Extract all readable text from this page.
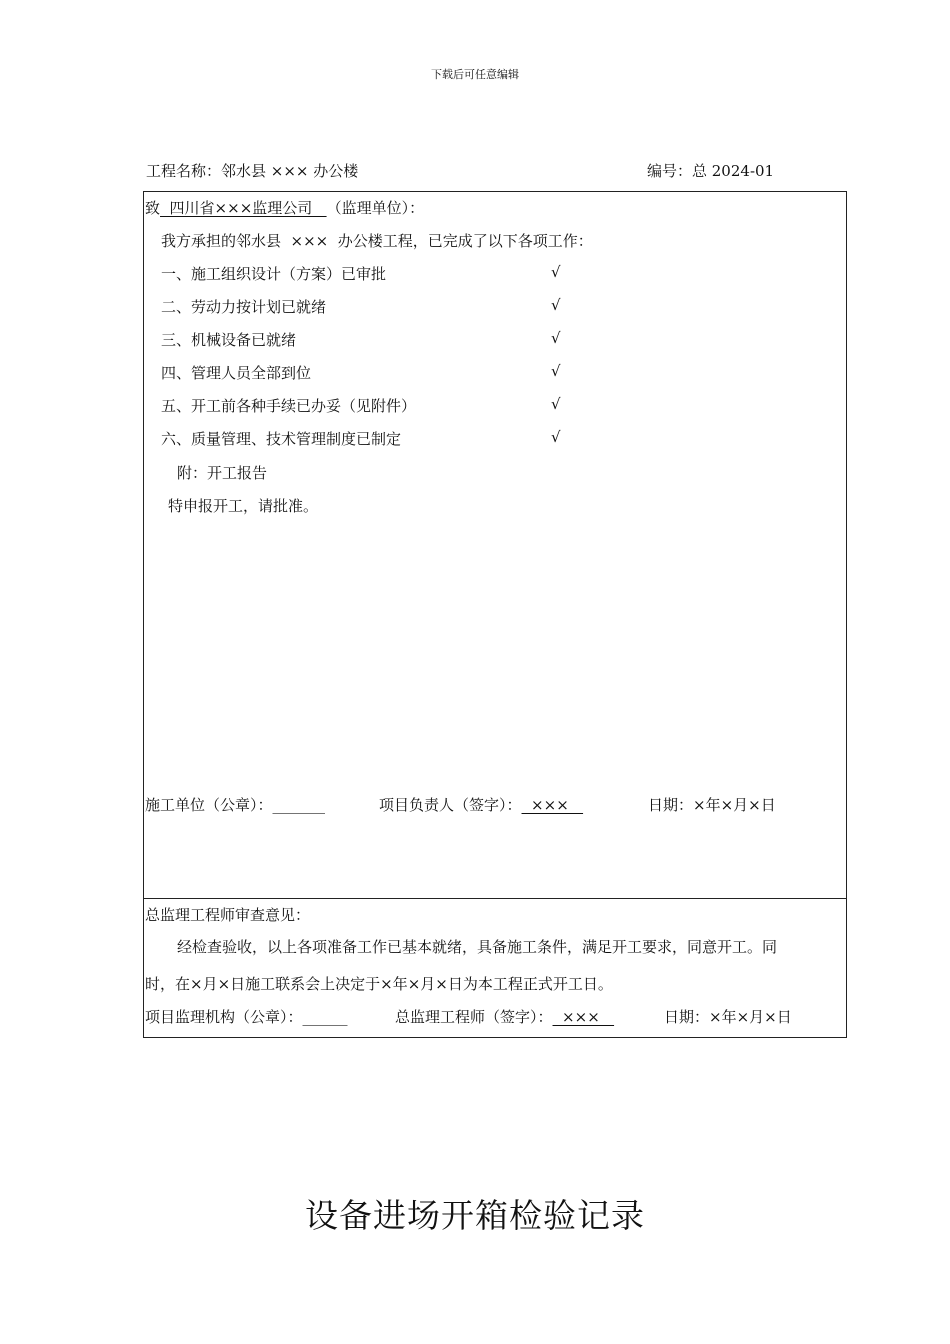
下载后可任意编辑
工程名称：邻水县 ××× 办公楼	编号：总 2024-01
致  四川省×××监理公司   （监理单位）：
我方承担的邻水县  ×××  办公楼工程，已完成了以下各项工作：
一、施工组织设计（方案）已审批	√
二、劳动力按计划已就绪	√
三、机械设备已就绪	√
四、管理人员全部到位	√
五、开工前各种手续已办妥（见附件）	√
六、质量管理、技术管理制度已制定	√
附：开工报告
特申报开工，请批准。
施工单位（公章）：_______	项目负责人（签字）：  ×××	日期：×年×月×日
总监理工程师审查意见：
经检查验收，以上各项准备工作已基本就绪，具备施工条件，满足开工要求，同意开工。同
时，在×月×日施工联系会上决定于×年×月×日为本工程正式开工日。
项目监理机构（公章）：______	总监理工程师（签字）：  ×××	日期：×年×月×日
设备进场开箱检验记录
